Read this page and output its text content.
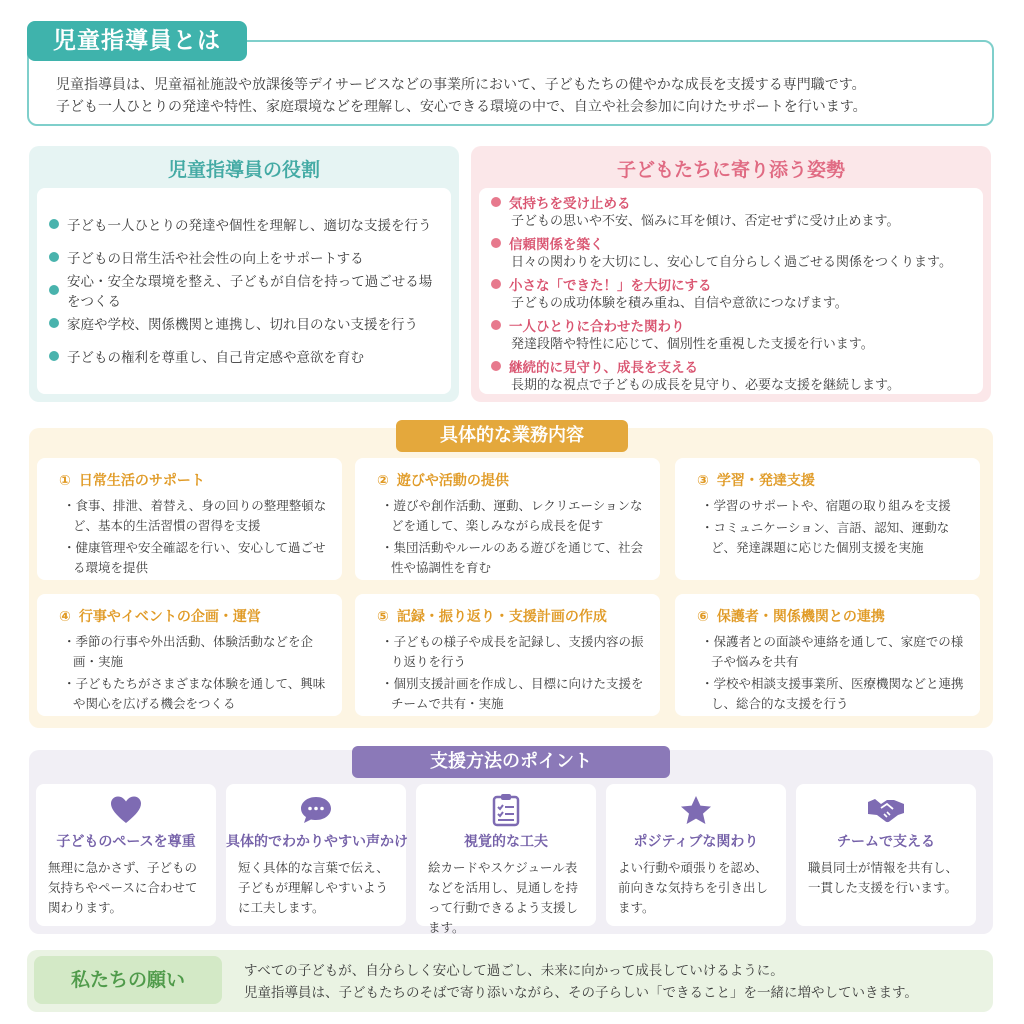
児童指導員とは
児童指導員は、児童福祉施設や放課後等デイサービスなどの事業所において、子どもたちの健やかな成長を支援する専門職です。
子ども一人ひとりの発達や特性、家庭環境などを理解し、安心できる環境の中で、自立や社会参加に向けたサポートを行います。
児童指導員の役割
子ども一人ひとりの発達や個性を理解し、適切な支援を行う
子どもの日常生活や社会性の向上をサポートする
安心・安全な環境を整え、子どもが自信を持って過ごせる場をつくる
家庭や学校、関係機関と連携し、切れ目のない支援を行う
子どもの権利を尊重し、自己肯定感や意欲を育む
子どもたちに寄り添う姿勢
気持ちを受け止める
子どもの思いや不安、悩みに耳を傾け、否定せずに受け止めます。
信頼関係を築く
日々の関わりを大切にし、安心して自分らしく過ごせる関係をつくります。
小さな「できた！」を大切にする
子どもの成功体験を積み重ね、自信や意欲につなげます。
一人ひとりに合わせた関わり
発達段階や特性に応じて、個別性を重視した支援を行います。
継続的に見守り、成長を支える
長期的な視点で子どもの成長を見守り、必要な支援を継続します。
① 日常生活のサポート
・ 食事、排泄、着替え、身の回りの整理整頓など、基本的生活習慣の習得を支援
・ 健康管理や安全確認を行い、安心して過ごせる環境を提供
② 遊びや活動の提供
・ 遊びや創作活動、運動、レクリエーションなどを通して、楽しみながら成長を促す
・ 集団活動やルールのある遊びを通じて、社会性や協調性を育む
③ 学習・発達支援
・ 学習のサポートや、宿題の取り組みを支援
・ コミュニケーション、言語、認知、運動など、発達課題に応じた個別支援を実施
④ 行事やイベントの企画・運営
・ 季節の行事や外出活動、体験活動などを企画・実施
・ 子どもたちがさまざまな体験を通して、興味や関心を広げる機会をつくる
⑤ 記録・振り返り・支援計画の作成
・ 子どもの様子や成長を記録し、支援内容の振り返りを行う
・ 個別支援計画を作成し、目標に向けた支援をチームで共有・実施
⑥ 保護者・関係機関との連携
・ 保護者との面談や連絡を通して、家庭での様子や悩みを共有
・ 学校や相談支援事業所、医療機関などと連携し、総合的な支援を行う
具体的な業務内容
支援方法のポイント
子どものペースを尊重
無理に急かさず、子どもの気持ちやペースに合わせて関わります。
具体的でわかりやすい声かけ
短く具体的な言葉で伝え、子どもが理解しやすいように工夫します。
視覚的な工夫
絵カードやスケジュール表などを活用し、見通しを持って行動できるよう支援します。
ポジティブな関わり
よい行動や頑張りを認め、前向きな気持ちを引き出します。
チームで支える
職員同士が情報を共有し、一貫した支援を行います。
私たちの願い	すべての子どもが、自分らしく安心して過ごし、未来に向かって成長していけるように。
児童指導員は、子どもたちのそばで寄り添いながら、その子らしい「できること」を一緒に増やしていきます。
